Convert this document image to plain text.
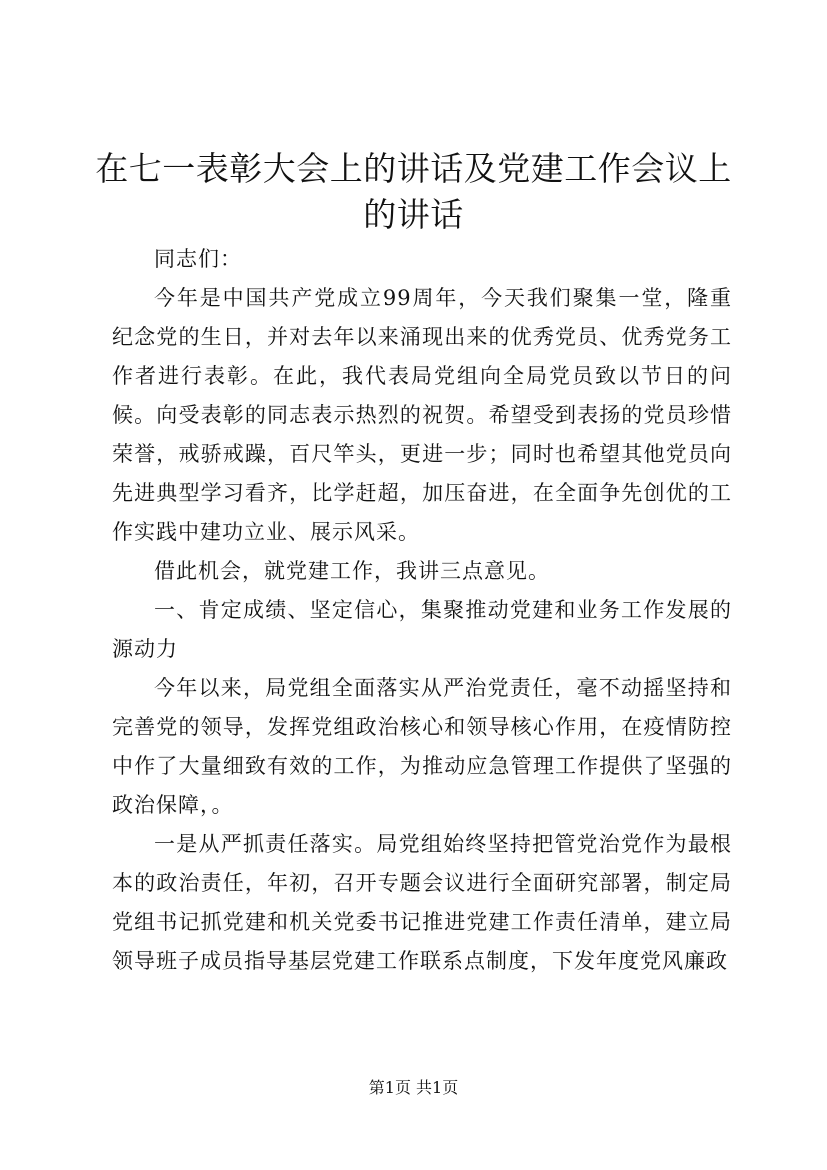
在七一表彰大会上的讲话及党建工作会议上的讲话

同志们：

今年是中国共产党成立99周年，今天我们聚集一堂，隆重纪念党的生日，并对去年以来涌现出来的优秀党员、优秀党务工作者进行表彰。在此，我代表局党组向全局党员致以节日的问候。向受表彰的同志表示热烈的祝贺。希望受到表扬的党员珍惜荣誉，戒骄戒躁，百尺竿头，更进一步；同时也希望其他党员向先进典型学习看齐，比学赶超，加压奋进，在全面争先创优的工作实践中建功立业、展示风采。

借此机会，就党建工作，我讲三点意见。

一、肯定成绩、坚定信心，集聚推动党建和业务工作发展的源动力

今年以来，局党组全面落实从严治党责任，毫不动摇坚持和完善党的领导，发挥党组政治核心和领导核心作用，在疫情防控中作了大量细致有效的工作，为推动应急管理工作提供了坚强的政治保障，。

一是从严抓责任落实。局党组始终坚持把管党治党作为最根本的政治责任，年初，召开专题会议进行全面研究部署，制定局党组书记抓党建和机关党委书记推进党建工作责任清单，建立局领导班子成员指导基层党建工作联系点制度，下发年度党风廉政

第1页 共1页
